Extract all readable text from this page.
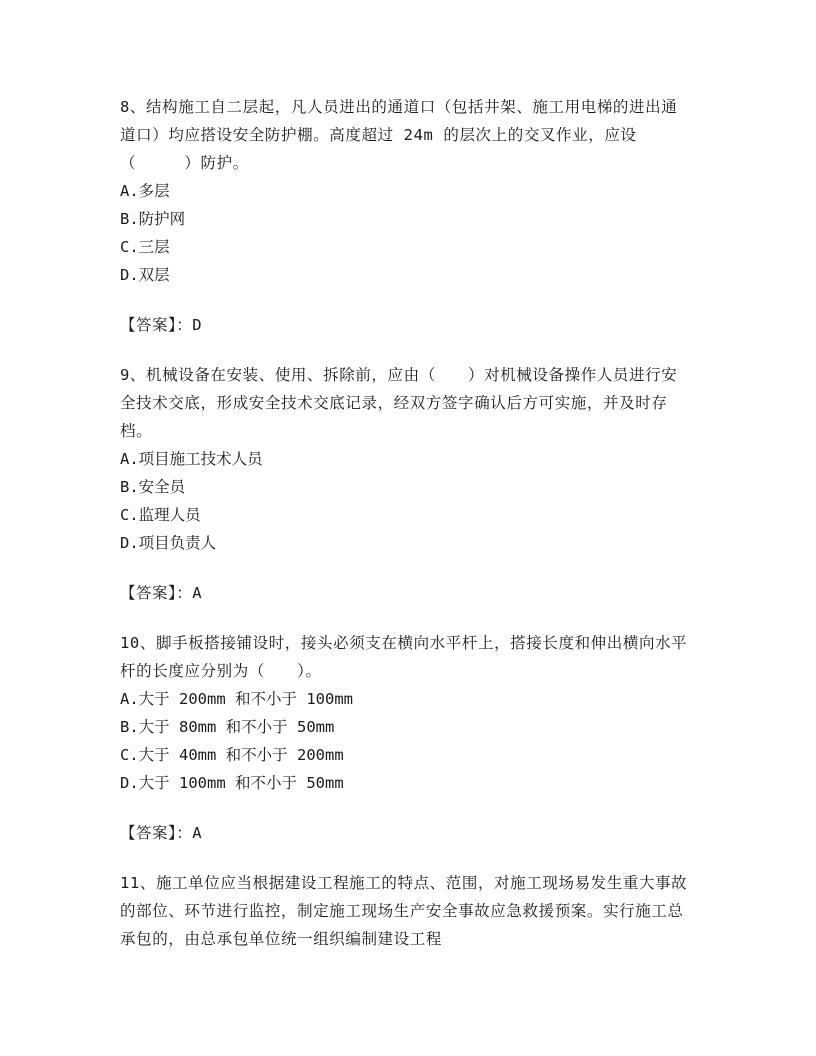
8、结构施工自二层起，凡人员进出的通道口（包括井架、施工用电梯的进出通道口）均应搭设安全防护棚。高度超过 24m 的层次上的交叉作业，应设（　　　）防护。
A.多层
B.防护网
C.三层
D.双层
【答案】：D
9、机械设备在安装、使用、拆除前，应由（　　）对机械设备操作人员进行安全技术交底，形成安全技术交底记录，经双方签字确认后方可实施，并及时存档。
A.项目施工技术人员
B.安全员
C.监理人员
D.项目负责人
【答案】：A
10、脚手板搭接铺设时，接头必须支在横向水平杆上，搭接长度和伸出横向水平杆的长度应分别为（　　）。
A.大于 200mm 和不小于 100mm
B.大于 80mm 和不小于 50mm
C.大于 40mm 和不小于 200mm
D.大于 100mm 和不小于 50mm
【答案】：A
11、施工单位应当根据建设工程施工的特点、范围，对施工现场易发生重大事故的部位、环节进行监控，制定施工现场生产安全事故应急救援预案。实行施工总承包的，由总承包单位统一组织编制建设工程
